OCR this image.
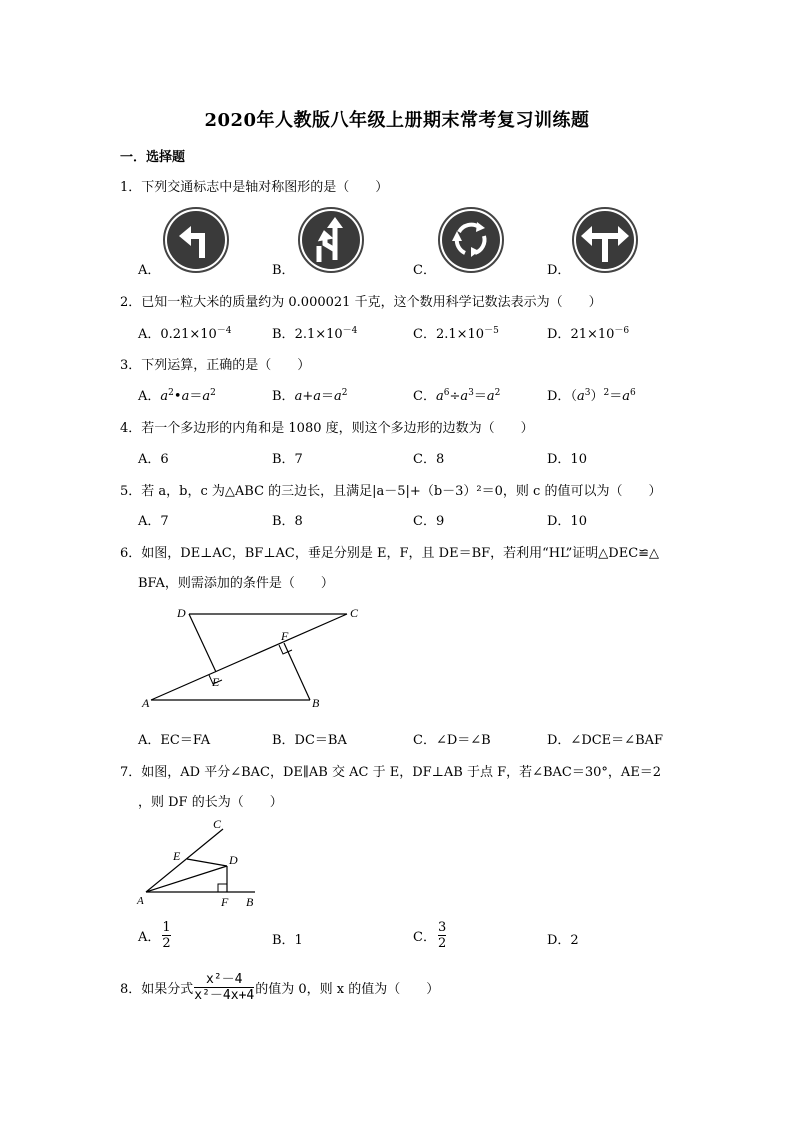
2020年人教版八年级上册期末常考复习训练题
一．选择题
1．下列交通标志中是轴对称图形的是（　　）
A．	B．	C．	D．
2．已知一粒大米的质量约为 0.000021 千克，这个数用科学记数法表示为（　　）
A．$0.21\times 10^{-4}$	B．$2.1\times 10^{-4}$	C．$2.1\times 10^{-5}$	D．$21\times 10^{-6}$
3．下列运算，正确的是（　　）
A．$a^2•a=a^2$	B．$a+a=a^2$	C．$a^6\div a^3=a^2$	D．$(a^3)^2=a^6$
4．若一个多边形的内角和是 1080 度，则这个多边形的边数为（　　）
A．6	B．7	C．8	D．10
5．若 a，b，c 为△ABC 的三边长，且满足|a－5|+（b－3）²＝0，则 c 的值可以为（　　）
A．7	B．8	C．9	D．10
6．如图，DE⊥AC，BF⊥AC，垂足分别是 E，F，且 DE＝BF，若利用“HL”证明△DEC≌△
BFA，则需添加的条件是（　　）
D	C
F
E
A	B
A．EC＝FA	B．DC＝BA	C．∠D＝∠B	D．∠DCE＝∠BAF
7．如图，AD 平分∠BAC，DE∥AB 交 AC 于 E，DF⊥AB 于点 F，若∠BAC＝30°，AE＝2
，则 DF 的长为（　　）
C
E	D
A	F B
A． $\frac{1}{2}$	B．1	C． $\frac{3}{2}$	D．2
8．如果分式 $\frac{\text{x²－4}}{\text{x²－4x+4}}$ 的值为 0，则 x 的值为（　　）
